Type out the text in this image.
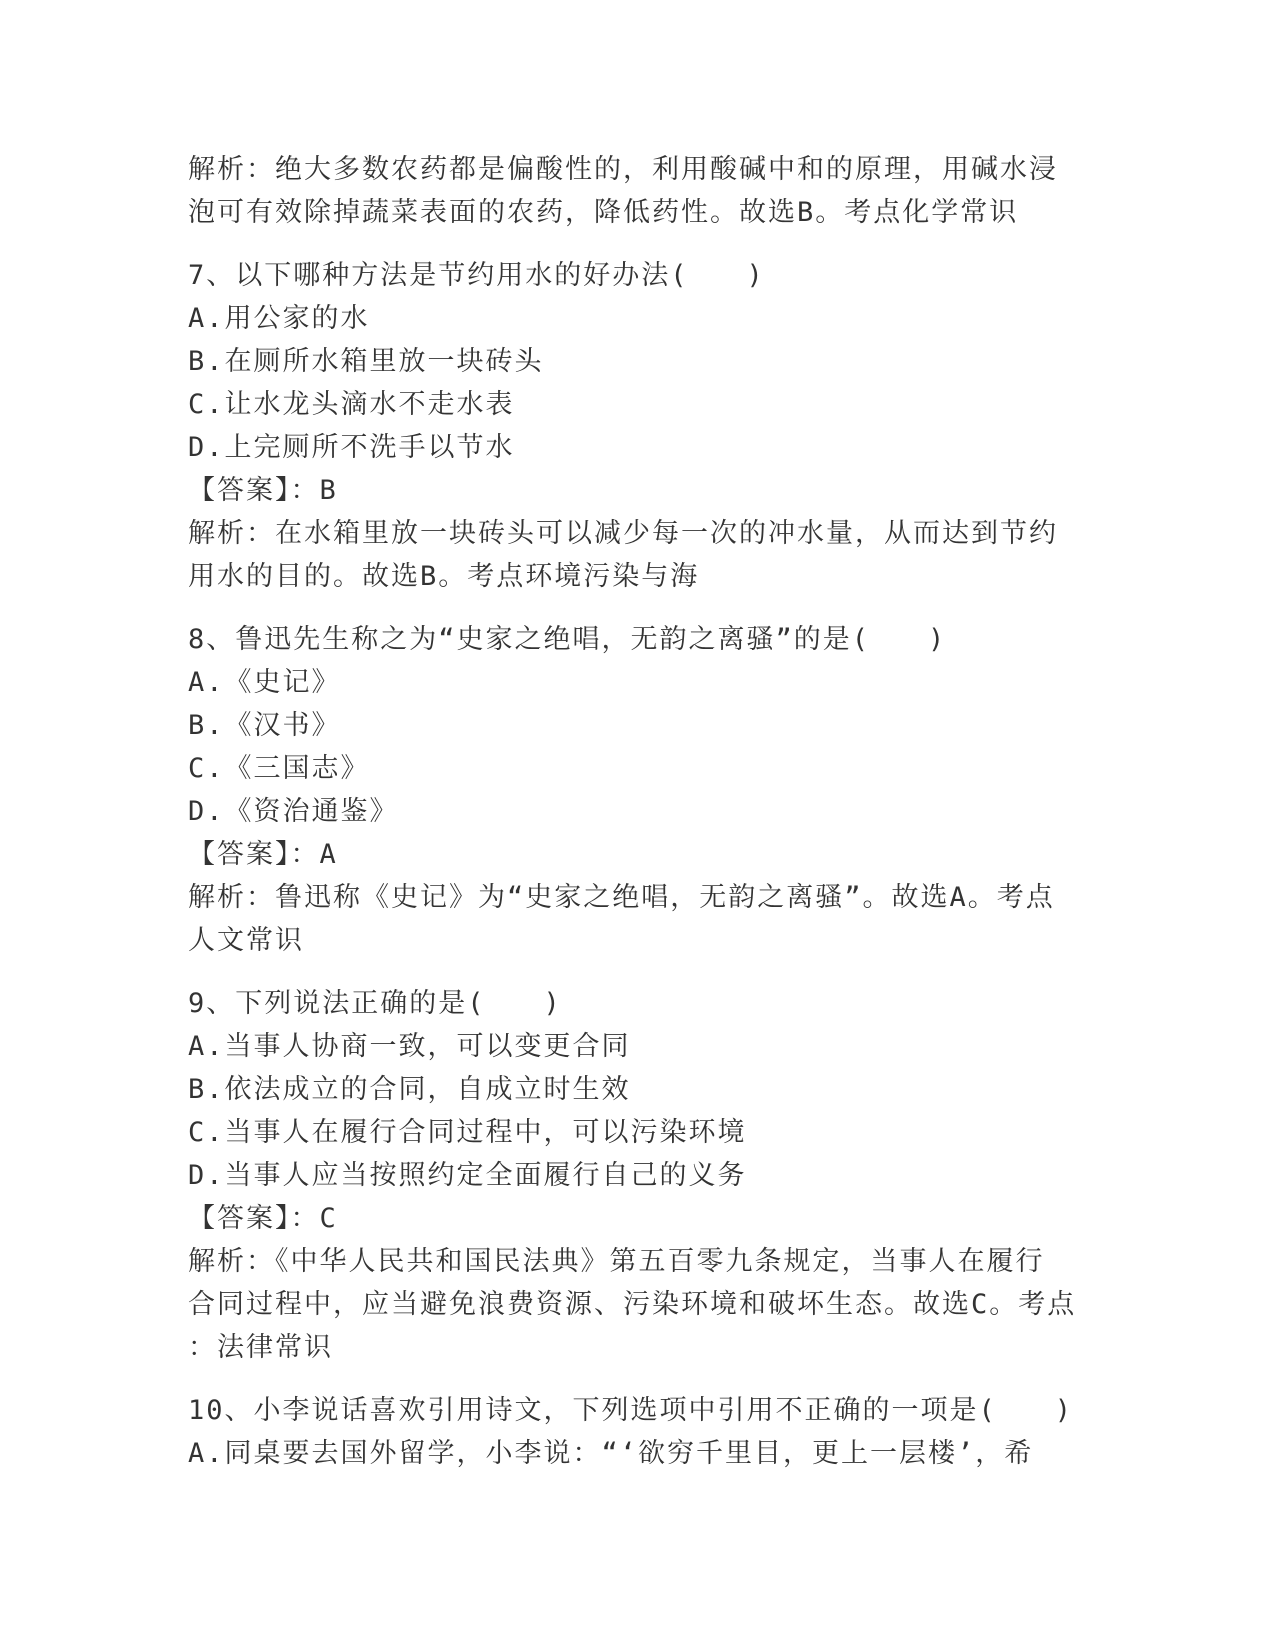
解析：绝大多数农药都是偏酸性的，利用酸碱中和的原理，用碱水浸
泡可有效除掉蔬菜表面的农药，降低药性。故选B。考点化学常识
7、以下哪种方法是节约用水的好办法(　　)
A.用公家的水
B.在厕所水箱里放一块砖头
C.让水龙头滴水不走水表
D.上完厕所不洗手以节水
【答案】：B
解析：在水箱里放一块砖头可以减少每一次的冲水量，从而达到节约
用水的目的。故选B。考点环境污染与海
8、鲁迅先生称之为“史家之绝唱，无韵之离骚”的是(　　)
A.《史记》
B.《汉书》
C.《三国志》
D.《资治通鉴》
【答案】：A
解析：鲁迅称《史记》为“史家之绝唱，无韵之离骚”。故选A。考点
人文常识
9、下列说法正确的是(　　)
A.当事人协商一致，可以变更合同
B.依法成立的合同，自成立时生效
C.当事人在履行合同过程中，可以污染环境
D.当事人应当按照约定全面履行自己的义务
【答案】：C
解析：《中华人民共和国民法典》第五百零九条规定，当事人在履行
合同过程中，应当避免浪费资源、污染环境和破坏生态。故选C。考点
：法律常识
10、小李说话喜欢引用诗文，下列选项中引用不正确的一项是(　　)
A.同桌要去国外留学，小李说：“‘欲穷千里目，更上一层楼’，希
